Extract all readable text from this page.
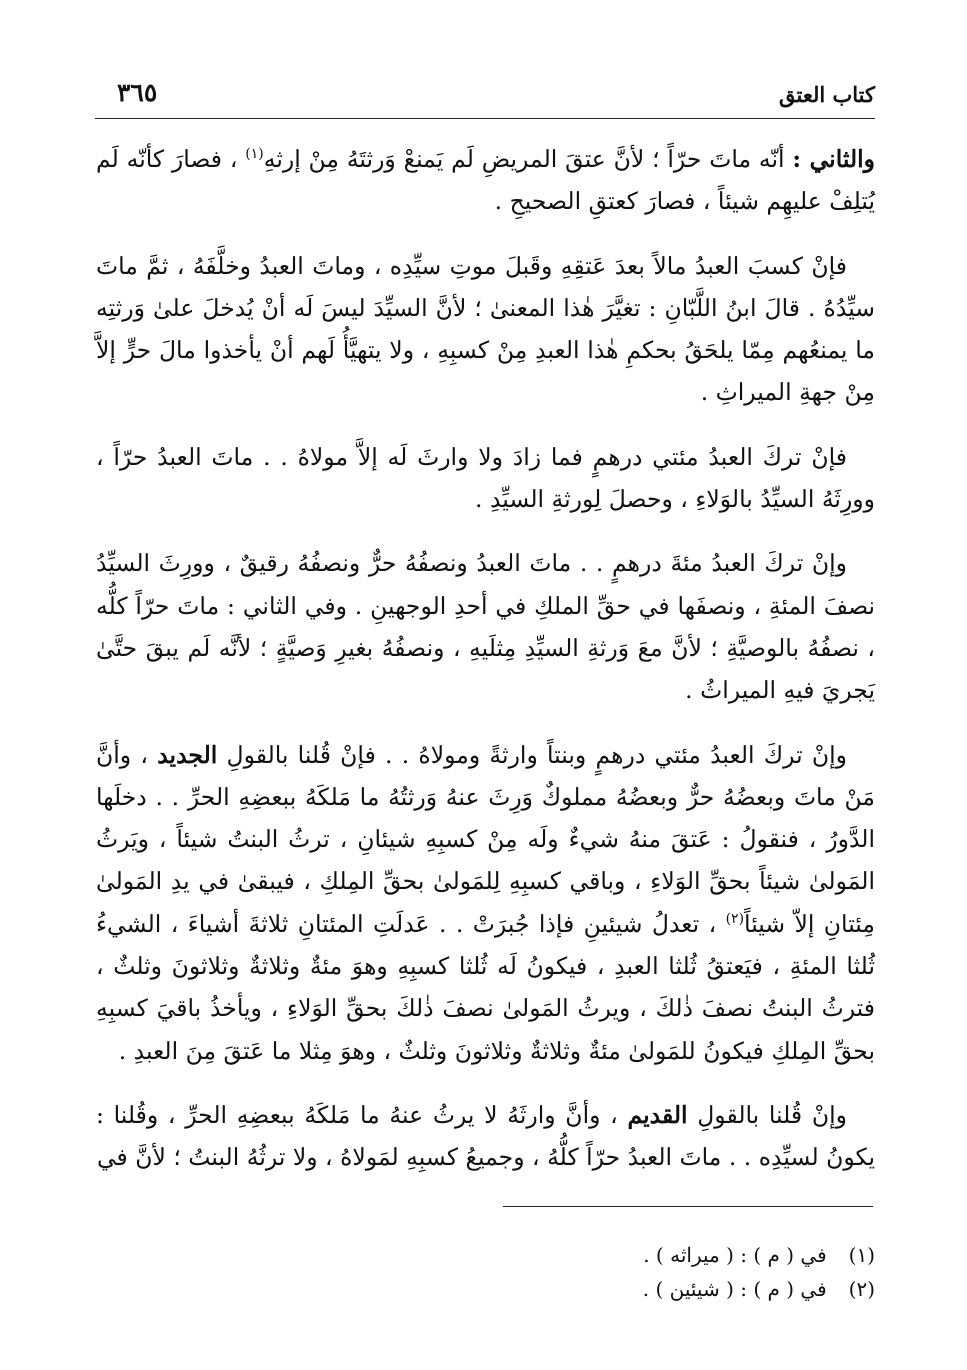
كتاب العتق
٣٦٥

والثاني : أنّه ماتَ حرّاً ؛ لأنَّ عتقَ المريضِ لَم يَمنعْ وَرثتَهُ مِنْ إرثهِ$^{(١)}$ ، فصارَ كأنّه لَم يُتلِفْ عليهِم شيئاً ، فصارَ كعتقِ الصحيحِ .

فإنْ كسبَ العبدُ مالاً بعدَ عَتقِهِ وقَبلَ موتِ سيِّدِه ، وماتَ العبدُ وخلَّفَهُ ، ثمَّ ماتَ سيِّدُهُ . قالَ ابنُ اللَّبّانِ : تغيَّرَ هٰذا المعنىٰ ؛ لأنَّ السيِّدَ ليسَ لَه أنْ يُدخلَ علىٰ وَرثتِه ما يمنعُهم مِمّا يلحَقُ بحكمِ هٰذا العبدِ مِنْ كسبِهِ ، ولا يتهيَّأُ لَهم أنْ يأخذوا مالَ حرٍّ إلاَّ مِنْ جهةِ الميراثِ .

فإنْ تركَ العبدُ مئتي درهمٍ فما زادَ ولا وارثَ لَه إلاَّ مولاهُ . . ماتَ العبدُ حرّاً ، وورِثَهُ السيِّدُ بالوَلاءِ ، وحصلَ لِورثةِ السيِّدِ .

وإنْ تركَ العبدُ مئةَ درهمٍ . . ماتَ العبدُ ونصفُهُ حرٌّ ونصفُهُ رقيقٌ ، وورِثَ السيِّدُ نصفَ المئةِ ، ونصفَها في حقِّ الملكِ في أحدِ الوجهينِ . وفي الثاني : ماتَ حرّاً كلُّه ، نصفُهُ بالوصيَّةِ ؛ لأنَّ معَ وَرثةِ السيِّدِ مِثلَيهِ ، ونصفُهُ بغيرِ وَصيَّةٍ ؛ لأنَّه لَم يبقَ حتَّىٰ يَجريَ فيهِ الميراثُ .

وإنْ تركَ العبدُ مئتي درهمٍ وبنتاً وارثةً ومولاهُ . . فإنْ قُلنا بالقولِ الجديد ، وأنَّ مَنْ ماتَ وبعضُهُ حرٌّ وبعضُهُ مملوكٌ وَرِثَ عنهُ وَرثتُهُ ما مَلكَهُ ببعضِهِ الحرِّ . . دخلَها الدَّورُ ، فنقولُ : عَتقَ منهُ شيءٌ ولَه مِنْ كسبِهِ شيئانِ ، ترثُ البنتُ شيئاً ، ويَرثُ المَولىٰ شيئاً بحقِّ الوَلاءِ ، وباقي كسبِهِ لِلمَولىٰ بحقِّ المِلكِ ، فيبقىٰ في يدِ المَولىٰ مِئتانِ إلاّ شيئاً$^{(٢)}$ ، تعدلُ شيئينِ فإذا جُبرَتْ . . عَدلَتِ المئتانِ ثلاثةَ أشياءَ ، الشيءُ ثُلثا المئةِ ، فيَعتقُ ثُلثا العبدِ ، فيكونُ لَه ثُلثا كسبِهِ وهوَ مئةٌ وثلاثةٌ وثلاثونَ وثلثٌ ، فترثُ البنتُ نصفَ ذٰلكَ ، ويرثُ المَولىٰ نصفَ ذٰلكَ بحقِّ الوَلاءِ ، ويأخذُ باقيَ كسبِهِ بحقِّ المِلكِ فيكونُ للمَولىٰ مئةٌ وثلاثةٌ وثلاثونَ وثلثٌ ، وهوَ مِثلا ما عَتقَ مِنَ العبدِ .

وإنْ قُلنا بالقولِ القديم ، وأنَّ وارثَهُ لا يرثُ عنهُ ما مَلكَهُ ببعضِهِ الحرِّ ، وقُلنا : يكونُ لسيِّدِه . . ماتَ العبدُ حرّاً كلُّهُ ، وجميعُ كسبِهِ لمَولاهُ ، ولا ترثُهُ البنتُ ؛ لأنَّ في

(١) في ( م ) : ( ميراثه ) .
(٢) في ( م ) : ( شيئين ) .
